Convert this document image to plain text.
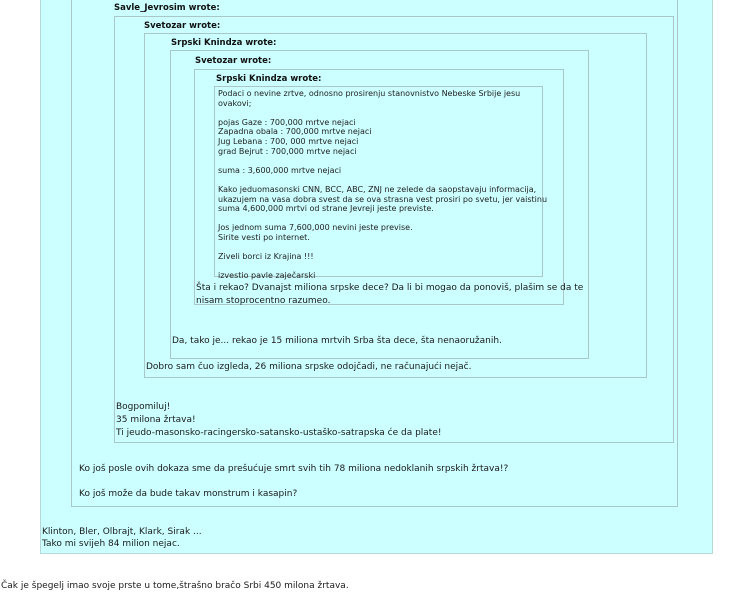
Savle_Jevrosim wrote:
Svetozar wrote:
Srpski Knindza wrote:
Svetozar wrote:
Srpski Knindza wrote:
Podaci o nevine zrtve, odnosno prosirenju stanovnistvo Nebeske Srbije jesu
ovakovi;
pojas Gaze : 700,000 mrtve nejaci
Zapadna obala : 700,000 mrtve nejaci
Jug Lebana : 700, 000 mrtve nejaci
grad Bejrut : 700,000 mrtve nejaci
suma : 3,600,000 mrtve nejaci
Kako jeduomasonski CNN, BCC, ABC, ZNJ ne zelede da saopstavaju informacija,
ukazujem na vasa dobra svest da se ova strasna vest prosiri po svetu, jer vaistinu
suma 4,600,000 mrtvi od strane Jevreji jeste previste.
Jos jednom suma 7,600,000 nevini jeste previse.
Sirite vesti po internet.
Ziveli borci iz Krajina !!!
izvestio pavle zaječarski
Šta i rekao? Dvanajst miliona srpske dece? Da li bi mogao da ponoviš, plašim se da te
nisam stoprocentno razumeo.
Da, tako je... rekao je 15 miliona mrtvih Srba šta dece, šta nenaoružanih.
Dobro sam čuo izgleda, 26 miliona srpske odojčadi, ne računajući nejač.
Bogpomiluj!
35 milona žrtava!
Ti jeudo-masonsko-racingersko-satansko-ustaško-satrapska će da plate!
Ko još posle ovih dokaza sme da prešućuje smrt svih tih 78 miliona nedoklanih srpskih žrtava!?
Ko još može da bude takav monstrum i kasapin?
Klinton, Bler, Olbrajt, Klark, Sirak ...
Tako mi svijeh 84 milion nejac.
Čak je špegelj imao svoje prste u tome,štrašno bračo Srbi 450 milona žrtava.
